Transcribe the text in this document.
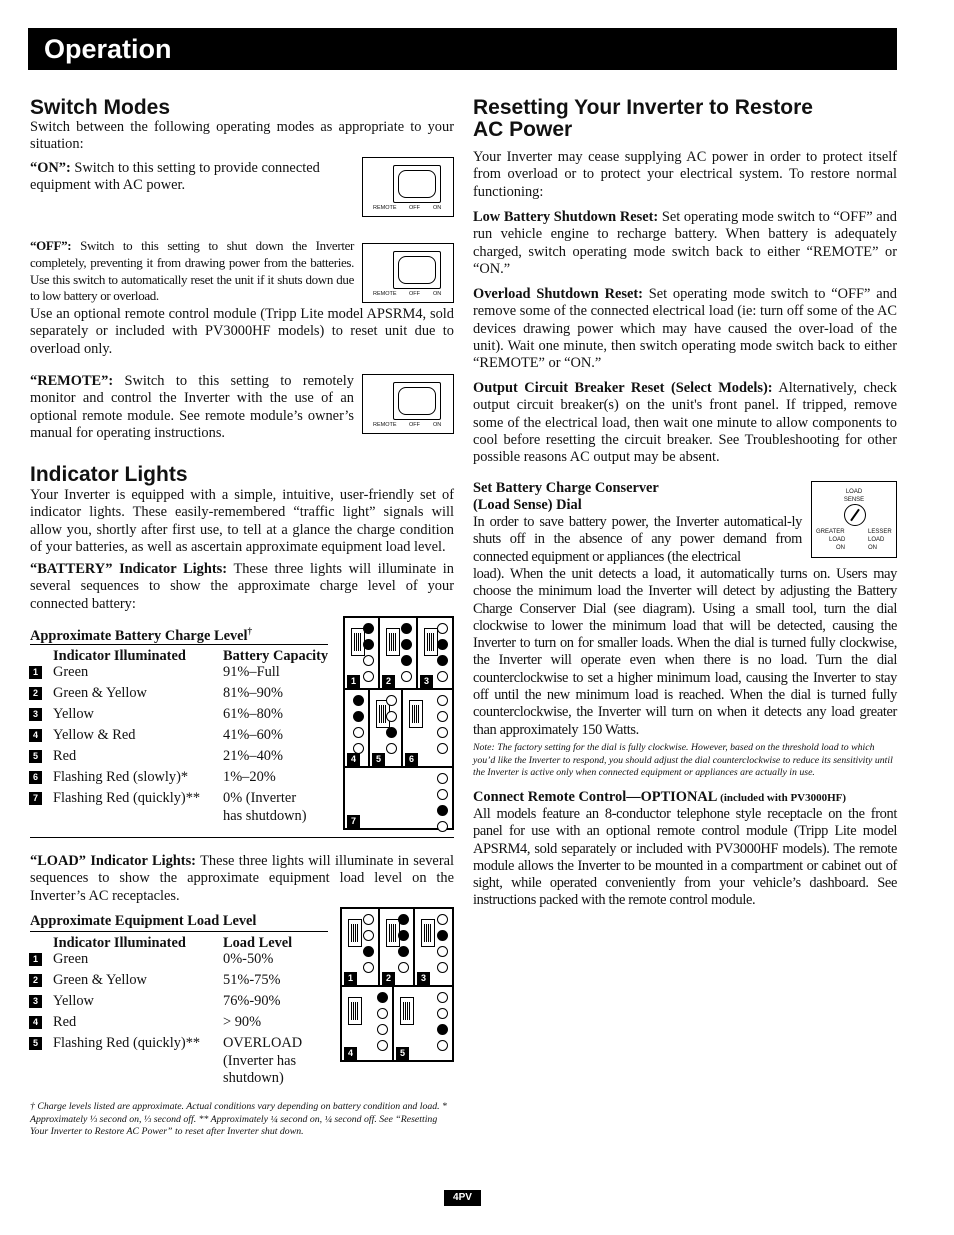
Operation
Switch Modes
Switch between the following operating modes as appropriate to your situation:
“ON”: Switch to this setting to provide connected equipment with AC power.
REMOTE OFF ON
“OFF”: Switch to this setting to shut down the Inverter completely, preventing it from drawing power from the batteries. Use this switch to automatically reset the unit if it shuts down due to low battery or overload.	REMOTE OFF ON
Use an optional remote control module (Tripp Lite model APSRM4, sold separately or included with PV3000HF models) to reset unit due to overload only.
“REMOTE”: Switch to this setting to remotely monitor and control the Inverter with the use of an optional remote module. See remote module’s owner’s manual for operating instructions.	REMOTE OFF ON
Indicator Lights
Your Inverter is equipped with a simple, intuitive, user-friendly set of indicator lights. These easily-remembered “traffic light” signals will allow you, shortly after first use, to tell at a glance the charge condition of your batteries, as well as ascertain approximate equipment load level.
“BATTERY” Indicator Lights: These three lights will illuminate in several sequences to show the approximate charge level of your connected battery:
Approximate Battery Charge Level†
Indicator Illuminated	Battery Capacity
1 Green	91%–Full
2 Green & Yellow	81%–90%
3 Yellow	61%–80%
4 Yellow & Red	41%–60%
5 Red	21%–40%
6 Flashing Red (slowly)* 1%–20%
7 Flashing Red (quickly)** 0% (Inverter
has shutdown)
1	2	3
4	5	6
7
“LOAD” Indicator Lights: These three lights will illuminate in several sequences to show the approximate equipment load level on the Inverter’s AC receptacles.
Approximate Equipment Load Level
Indicator Illuminated	Load Level
1 Green	0%-50%
2 Green & Yellow	51%-75%
3 Yellow	76%-90%
4 Red	> 90%
5 Flashing Red (quickly)** OVERLOAD
(Inverter has
shutdown)
1	2	3
4	5
† Charge levels listed are approximate. Actual conditions vary depending on battery condition and load. * Approximately ⅓ second on, ⅓ second off. ** Approximately ¼ second on, ¼ second off. See “Resetting Your Inverter to Restore AC Power” to reset after Inverter shut down.
Resetting Your Inverter to Restore
AC Power
Your Inverter may cease supplying AC power in order to protect itself from overload or to protect your electrical system. To restore normal functioning:
Low Battery Shutdown Reset: Set operating mode switch to “OFF” and run vehicle engine to recharge battery. When battery is adequately charged, switch operating mode switch back to either “REMOTE” or “ON.”
Overload Shutdown Reset: Set operating mode switch to “OFF” and remove some of the connected electrical load (ie: turn off some of the AC devices drawing power which may have caused the over-load of the unit). Wait one minute, then switch operating mode switch back to either “REMOTE” or “ON.”
Output Circuit Breaker Reset (Select Models): Alternatively, check output circuit breaker(s) on the unit's front panel. If tripped, remove some of the electrical load, then wait one minute to allow components to cool before resetting the circuit breaker. See Troubleshooting for other possible reasons AC output may be absent.
Set Battery Charge Conserver
(Load Sense) Dial
LOAD
SENSE
GREATER
LOAD
ON
LESSER
LOAD
ON
In order to save battery power, the Inverter automatical-ly shuts off in the absence of any power demand from connected equipment or appliances (the electrical
load). When the unit detects a load, it automatically turns on. Users may choose the minimum load the Inverter will detect by adjusting the Battery Charge Conserver Dial (see diagram). Using a small tool, turn the dial clockwise to lower the minimum load that will be detected, causing the Inverter to turn on for smaller loads. When the dial is turned fully clockwise, the Inverter will operate even when there is no load. Turn the dial counterclockwise to set a higher minimum load, causing the Inverter to stay off until the new minimum load is reached. When the dial is turned fully counterclockwise, the Inverter will turn on when it detects any load greater than approximately 150 Watts.
Note: The factory setting for the dial is fully clockwise. However, based on the threshold load to which you’d like the Inverter to respond, you should adjust the dial counterclockwise to reduce its sensitivity until the Inverter is active only when connected equipment or appliances are actually in use.
Connect Remote Control—OPTIONAL (included with PV3000HF)
All models feature an 8-conductor telephone style receptacle on the front panel for use with an optional remote control module (Tripp Lite model APSRM4, sold separately or included with PV3000HF models). The remote module allows the Inverter to be mounted in a compartment or cabinet out of sight, while operated conveniently from your vehicle’s dashboard. See instructions packed with the remote control module.
4PV
